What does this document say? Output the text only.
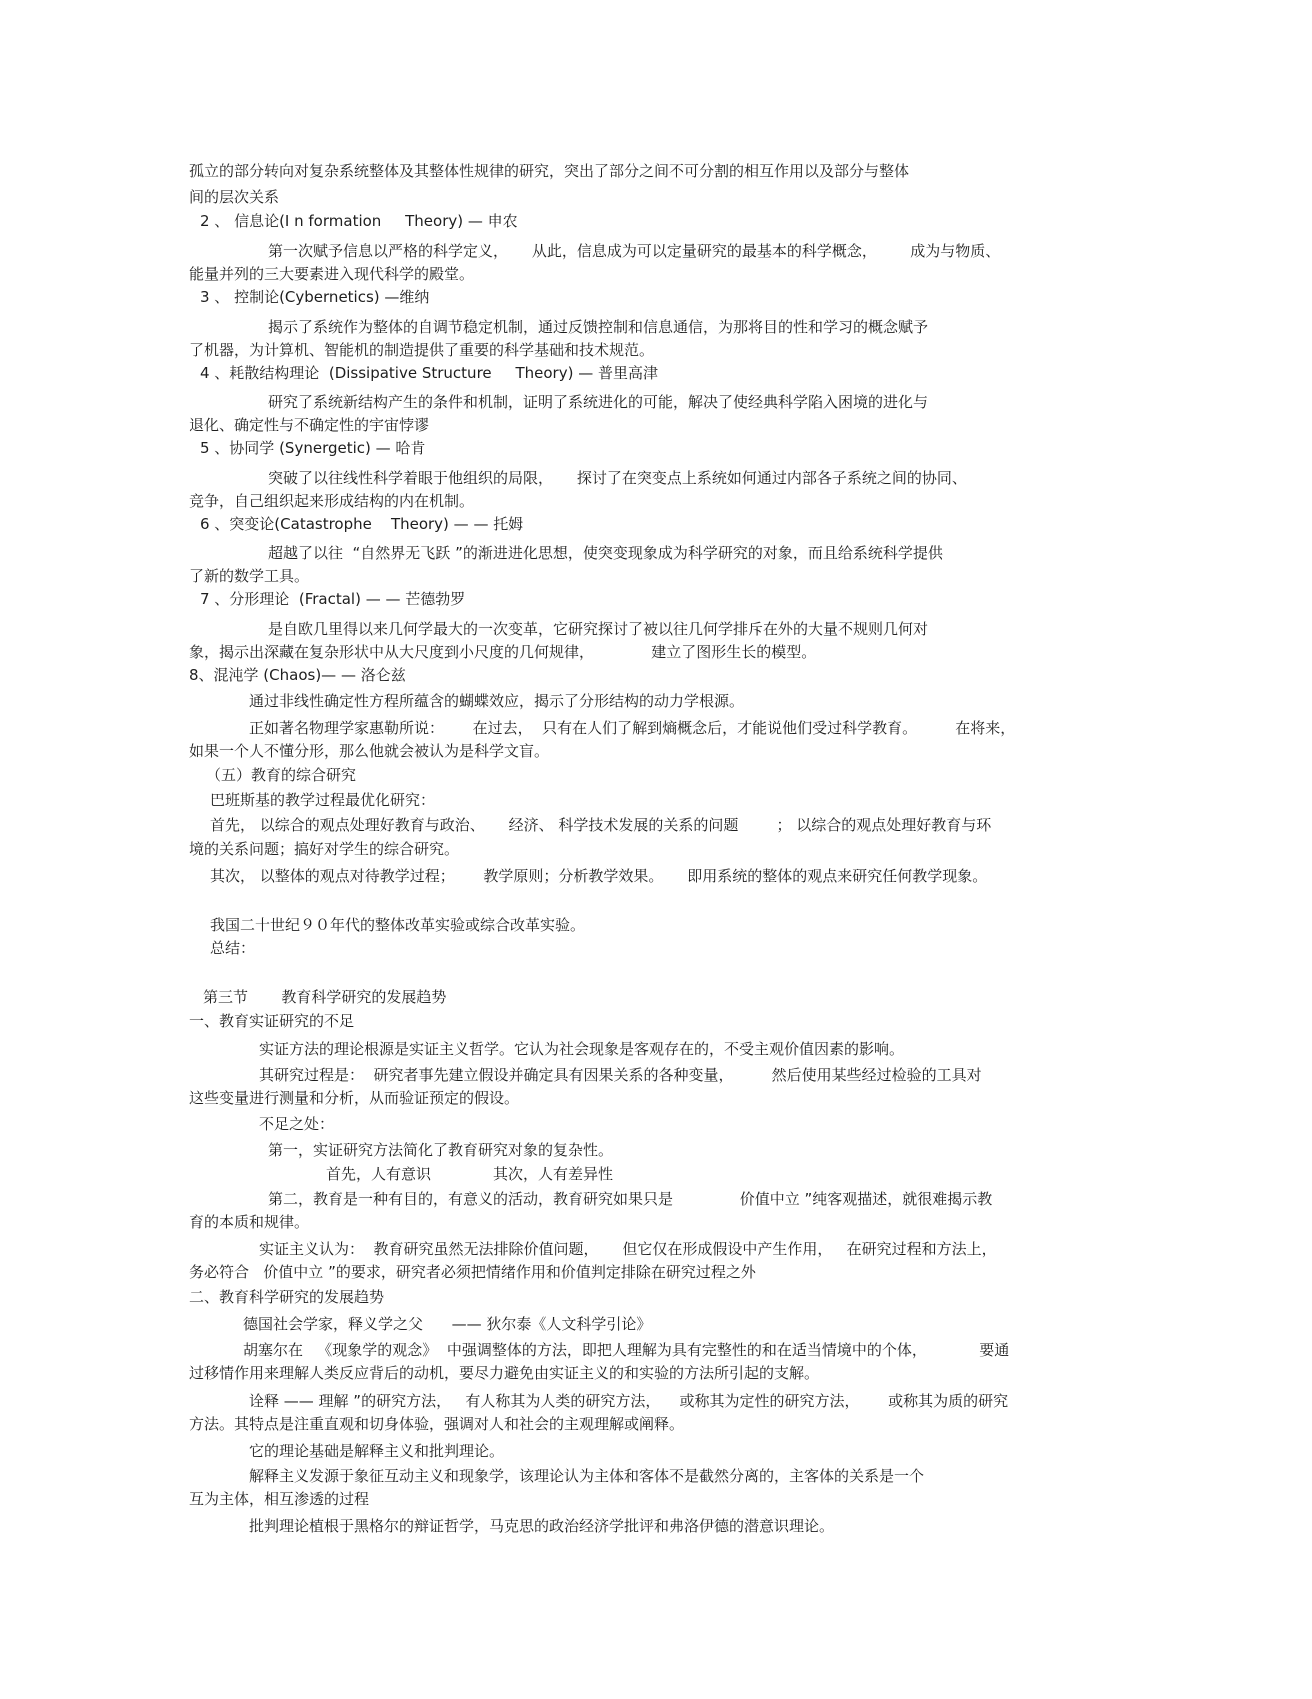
孤立的部分转向对复杂系统整体及其整体性规律的研究，突出了部分之间不可分割的相互作用以及部分与整体
间的层次关系
2 、 信息论(I n formation     Theory) — 申农
第一次赋予信息以严格的科学定义，     从此，信息成为可以定量研究的最基本的科学概念，       成为与物质、
能量并列的三大要素进入现代科学的殿堂。
3 、 控制论(Cybernetics) —维纳
揭示了系统作为整体的自调节稳定机制，通过反馈控制和信息通信，为那将目的性和学习的概念赋予
了机器，为计算机、智能机的制造提供了重要的科学基础和技术规范。
4 、耗散结构理论  (Dissipative Structure     Theory) — 普里高津
研究了系统新结构产生的条件和机制，证明了系统进化的可能，解决了使经典科学陷入困境的进化与
退化、确定性与不确定性的宇宙悖谬
5 、协同学 (Synergetic) — 哈肯
突破了以往线性科学着眼于他组织的局限，     探讨了在突变点上系统如何通过内部各子系统之间的协同、
竞争，自己组织起来形成结构的内在机制。
6 、突变论(Catastrophe    Theory) — — 托姆
超越了以往  “自然界无飞跃 ”的渐进进化思想，使突变现象成为科学研究的对象，而且给系统科学提供
了新的数学工具。
7 、分形理论  (Fractal) — — 芒德勃罗
是自欧几里得以来几何学最大的一次变革，它研究探讨了被以往几何学排斥在外的大量不规则几何对
象，揭示出深藏在复杂形状中从大尺度到小尺度的几何规律，            建立了图形生长的模型。
8、混沌学 (Chaos)— — 洛仑兹
通过非线性确定性方程所蕴含的蝴蝶效应，揭示了分形结构的动力学根源。
正如著名物理学家惠勒所说：      在过去，  只有在人们了解到熵概念后，才能说他们受过科学教育。        在将来，
如果一个人不懂分形，那么他就会被认为是科学文盲。
（五）教育的综合研究
巴班斯基的教学过程最优化研究：
首先， 以综合的观点处理好教育与政治、     经济、 科学技术发展的关系的问题        ； 以综合的观点处理好教育与环
境的关系问题；搞好对学生的综合研究。
其次， 以整体的观点对待教学过程；      教学原则；分析教学效果。     即用系统的整体的观点来研究任何教学现象。
我国二十世纪９０年代的整体改革实验或综合改革实验。
总结：
第三节       教育科学研究的发展趋势
一、教育实证研究的不足
实证方法的理论根源是实证主义哲学。它认为社会现象是客观存在的，不受主观价值因素的影响。
其研究过程是：  研究者事先建立假设并确定具有因果关系的各种变量，        然后使用某些经过检验的工具对
这些变量进行测量和分析，从而验证预定的假设。
不足之处：
第一，实证研究方法简化了教育研究对象的复杂性。
首先，人有意识             其次，人有差异性
第二，教育是一种有目的，有意义的活动，教育研究如果只是              价值中立 ”纯客观描述，就很难揭示教
育的本质和规律。
实证主义认为：  教育研究虽然无法排除价值问题，     但它仅在形成假设中产生作用，   在研究过程和方法上，
务必符合   价值中立 ”的要求，研究者必须把情绪作用和价值判定排除在研究过程之外
二、教育科学研究的发展趋势
德国社会学家，释义学之父      —— 狄尔泰《人文科学引论》
胡塞尔在   《现象学的观念》  中强调整体的方法，即把人理解为具有完整性的和在适当情境中的个体，           要通
过移情作用来理解人类反应背后的动机，要尽力避免由实证主义的和实验的方法所引起的支解。
诠释 —— 理解 ”的研究方法，   有人称其为人类的研究方法，    或称其为定性的研究方法，      或称其为质的研究
方法。其特点是注重直观和切身体验，强调对人和社会的主观理解或阐释。
它的理论基础是解释主义和批判理论。
解释主义发源于象征互动主义和现象学，该理论认为主体和客体不是截然分离的，主客体的关系是一个
互为主体，相互渗透的过程
批判理论植根于黑格尔的辩证哲学，马克思的政治经济学批评和弗洛伊德的潜意识理论。
